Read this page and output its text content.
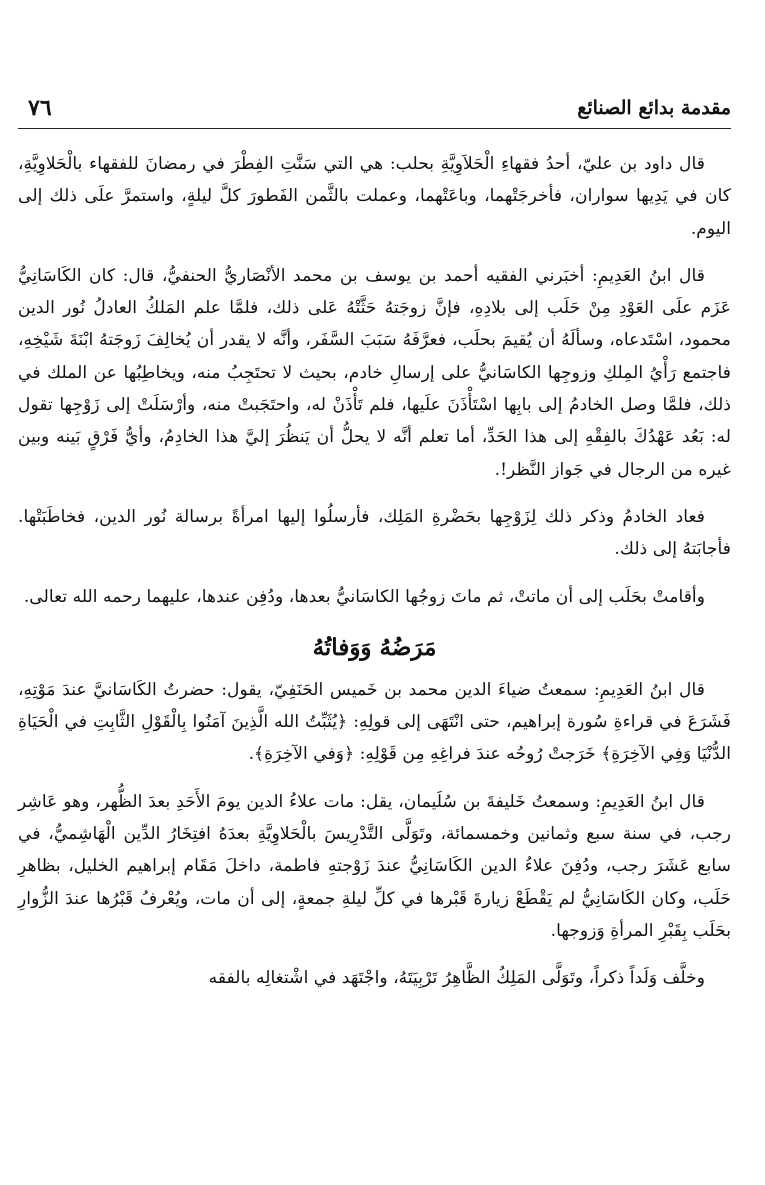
مقدمة بدائع الصنائع
٧٦

قال داود بن عليّ، أحدُ فقهاءِ الْحَلاَوِيَّةِ بحلب: هي التي سَنَّتِ الفِطْرَ في رمضانَ للفقهاء بالْحَلاوِيَّةِ، كان في يَدِيها سواران، فأخرجَتْهما، وباعَتْهما، وعملت بالثَّمن الفَطورَ كلَّ ليلةٍ، واستمرَّ علَى ذلك إلى اليوم.

قال ابنُ العَدِيمِ: أخبَرني الفقيه أحمد بن يوسف بن محمد الأنْصَاريُّ الحنفيُّ، قال: كان الكَاسَانِيُّ عَزَم علَى العَوْدِ مِنْ حَلَب إلى بلادِهِ، فإنَّ زوجَتهُ حَثَّتْهُ عَلى ذلك، فلمَّا علم المَلكُ العادلُ نُور الدين محمود، اسْتَدعاه، وسألَهُ أن يُقيمَ بحلَب، فعرَّفَهُ سَبَبَ السَّفَر، وأنَّه لا يقدر أن يُخالِفَ زَوجَتهُ ابْنَةَ شَيْخِهِ، فاجتمع رَأْيُ المِلكِ وزوجِها الكاسَانيُّ على إرسالِ خادم، بحيث لا تحتَجِبُ منه، ويخاطِبُها عن الملك في ذلك، فلمَّا وصل الخادمُ إلى بابِها اسْتَأْذَنَ علَيها، فلم تَأْذَنْ له، واحتَجَبتْ منه، وأرْسَلَتْ إلى زَوْجِها تقول له: بَعُد عَهْدُكَ بالفِقْهِ إلى هذا الحَدِّ، أما تعلم أنَّه لا يحلُّ أن يَنظُرَ إليَّ هذا الخادِمُ، وأيُّ فَرْقٍ بَينه وبين غيره من الرجال في جَواز النَّظر!.

فعاد الخادمُ وذكر ذلك لِزَوْجِها بحَضْرةِ المَلِك، فأرسلُوا إليها امرأةً برسالة نُور الدين، فخاطَبَتْها. فأجابَتهُ إلى ذلك.

وأقامتْ بحَلَب إلى أن ماتتْ، ثم ماتَ زوجُها الكاسَانيُّ بعدها، ودُفِن عندها، عليهما رحمه الله تعالى.

مَرَضُهُ وَوَفاتُهُ

قال ابنُ العَدِيمِ: سمعتُ ضياءَ الدين محمد بن خَميس الحَنَفِيّ، يقول: حضرتُ الكَاسَانيَّ عندَ مَوْتِهِ، فَشَرَعَ في قراءةِ سُورة إبراهيم، حتى انْتَهَى إلى قولِهِ: ﴿يُثَبِّتُ الله الَّذِينَ آمَنُوا بِالْقَوْلِ الثَّابِتِ في الْحَيَاةِ الدُّنْيَا وَفِي الآخِرَةِ﴾ خَرَجتْ رُوحُه عندَ فراغِهِ مِن قَوْلِهِ: ﴿وَفي الآخِرَةِ﴾.

قال ابنُ العَدِيمِ: وسمعتُ خَليفةَ بن سُلَيمان، يقل: مات علاءُ الدين يومَ الأَحَدِ بعدَ الظُّهر، وهو عَاشِر رجب، في سنة سبع وثمانين وخمسمائة، وتَوَلَّى التَّدْرِيسَ بالْحَلاوِيَّةِ بعدَهُ افتِخَارُ الدِّين الْهَاشِميُّ، في سابع عَشَرَ رجب، ودُفِنَ علاءُ الدين الكَاسَانِيُّ عندَ زَوْجتهِ فاطمة، داخلَ مَقَام إبراهيم الخليل، بظاهرِ حَلَب، وكان الكَاسَانِيُّ لم يَقْطَعْ زيارةَ قَبْرها في كلِّ ليلةِ جمعةٍ، إلى أن مات، ويُعْرفُ قَبْرُها عندَ الزُّوارِ بحَلَب بِقَبْرِ المرأةِ وَزوجها.

وخلَّف وَلَداً ذكراً، وتَوَلَّى المَلِكُ الظَّاهِرُ تَرْبِيَتَهُ، واجْتَهَد في اشْتغالِه بالفقه
